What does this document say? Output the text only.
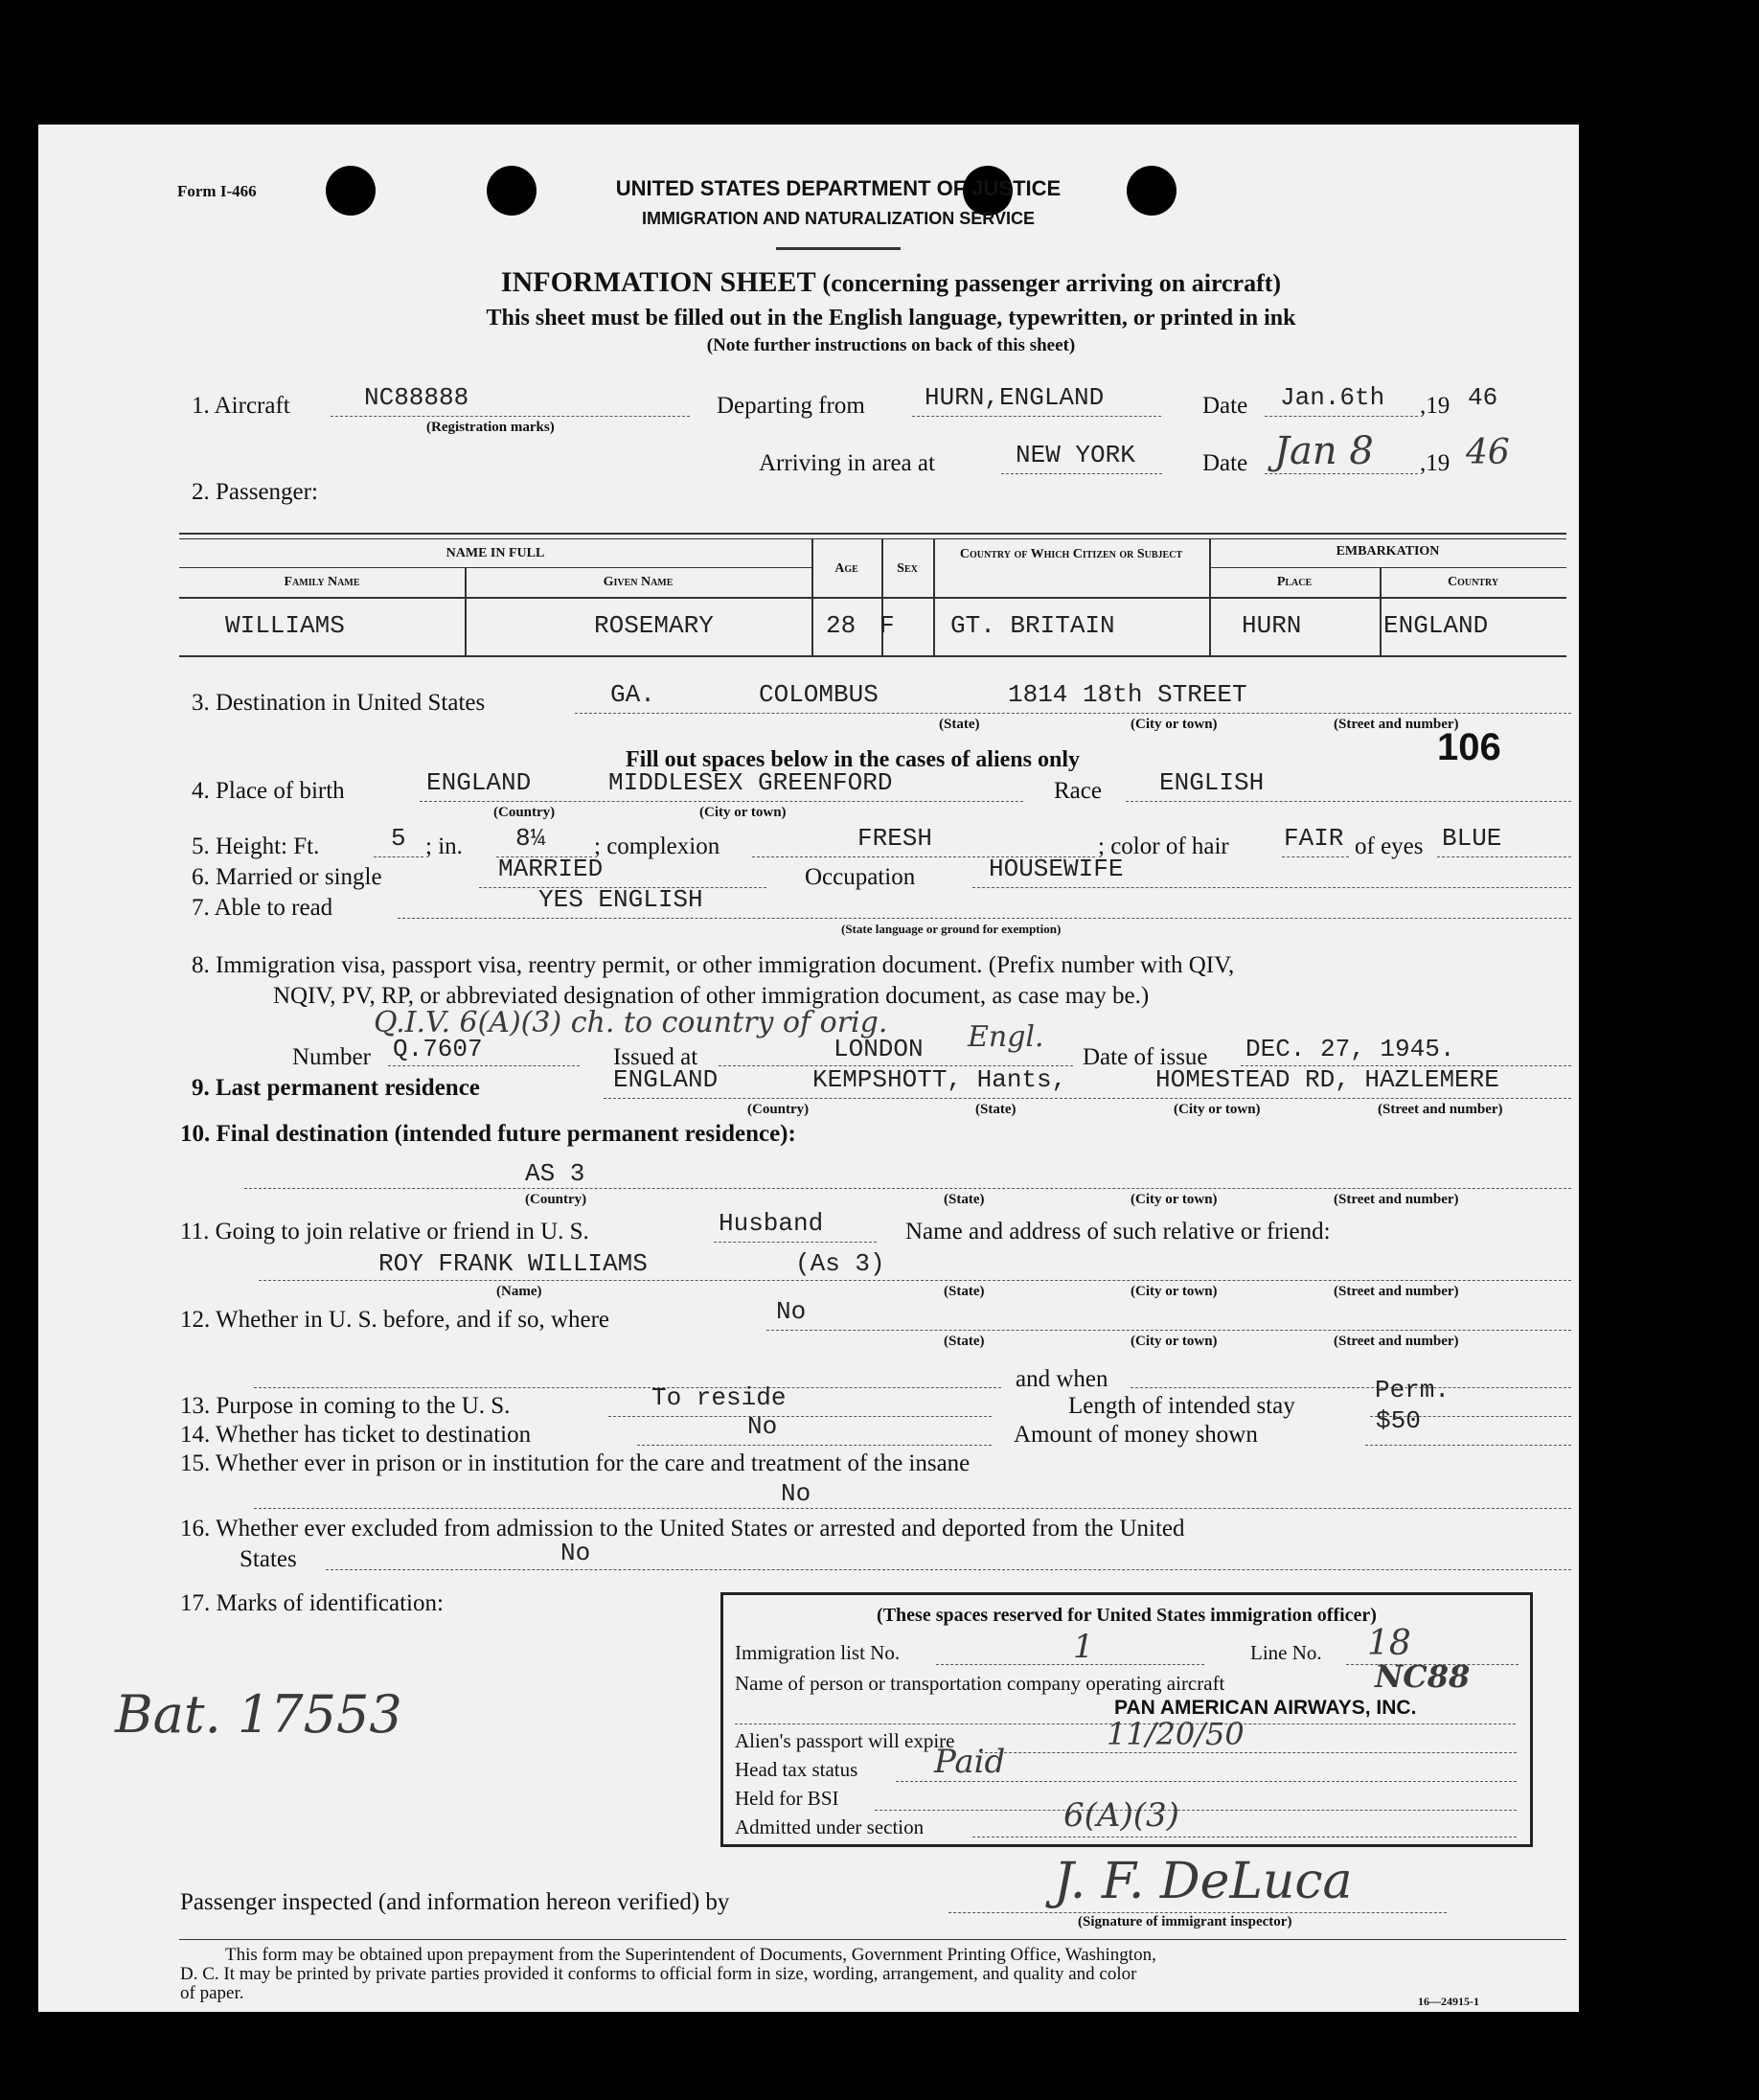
Form I-466	UNITED STATES DEPARTMENT OF JUSTICE
IMMIGRATION AND NATURALIZATION SERVICE
INFORMATION SHEET (concerning passenger arriving on aircraft)
This sheet must be filled out in the English language, typewritten, or printed in ink
(Note further instructions on back of this sheet)
1. Aircraft	NC88888
(Registration marks)
Departing from HURN,ENGLAND	Date Jan.6th ,19 46
Arriving in area at	NEW YORK	Date Jan 8 ,19 46
2. Passenger:
NAME IN FULL
Family Name	Given Name
Age	Sex
Country of Which Citizen or Subject	EMBARKATION
Place	Country
WILLIAMS	ROSEMARY	28 F GT. BRITAIN	HURN	ENGLAND
3. Destination in United States	GA.	COLOMBUS	1814 18th STREET
(State)	(City or town)	(Street and number)
106
Fill out spaces below in the cases of aliens only
4. Place of birth	ENGLAND	MIDDLESEX GREENFORD
(Country)	(City or town)
Race ENGLISH
5. Height: Ft.	5 ; in. 8¼ ; complexion	FRESH	; color of hair FAIR of eyes BLUE
6. Married or single	MARRIED	Occupation	HOUSEWIFE
7. Able to read	YES ENGLISH
(State language or ground for exemption)
8. Immigration visa, passport visa, reentry permit, or other immigration document. (Prefix number with QIV,
NQIV, PV, RP, or abbreviated designation of other immigration document, as case may be.)
Q.I.V. 6(A)(3) ch. to country of orig.
Number Q.7607	Issued at	LONDON Engl.
Date of issue DEC. 27, 1945.
9. Last permanent residence	ENGLAND	KEMPSHOTT, Hants,	HOMESTEAD RD, HAZLEMERE
(Country)	(State)	(City or town)	(Street and number)
10. Final destination (intended future permanent residence):
AS 3
(Country)	(State)	(City or town)	(Street and number)
11. Going to join relative or friend in U. S.	Husband	Name and address of such relative or friend:
ROY FRANK WILLIAMS	(As 3)
(Name)	(State)	(City or town)	(Street and number)
12. Whether in U. S. before, and if so, where	No
(State)	(City or town)	(Street and number)
and when
13. Purpose in coming to the U. S.	To reside	Length of intended stay
Perm.
14. Whether has ticket to destination	No	Amount of money shown	$50
15. Whether ever in prison or in institution for the care and treatment of the insane
No
16. Whether ever excluded from admission to the United States or arrested and deported from the United
States	No
17. Marks of identification:
Bat. 17553
(These spaces reserved for United States immigration officer)
Immigration list No.	1	Line No. 18
Name of person or transportation company operating aircraft	NC88
PAN AMERICAN AIRWAYS, INC.
Alien's passport will expire	11/20/50
Head tax status Paid
Held for BSI
Admitted under section	6(A)(3)
Passenger inspected (and information hereon verified) by	J. F. DeLuca
(Signature of immigrant inspector)
This form may be obtained upon prepayment from the Superintendent of Documents, Government Printing Office, Washington,
D. C. It may be printed by private parties provided it conforms to official form in size, wording, arrangement, and quality and color
of paper.	16—24915-1
